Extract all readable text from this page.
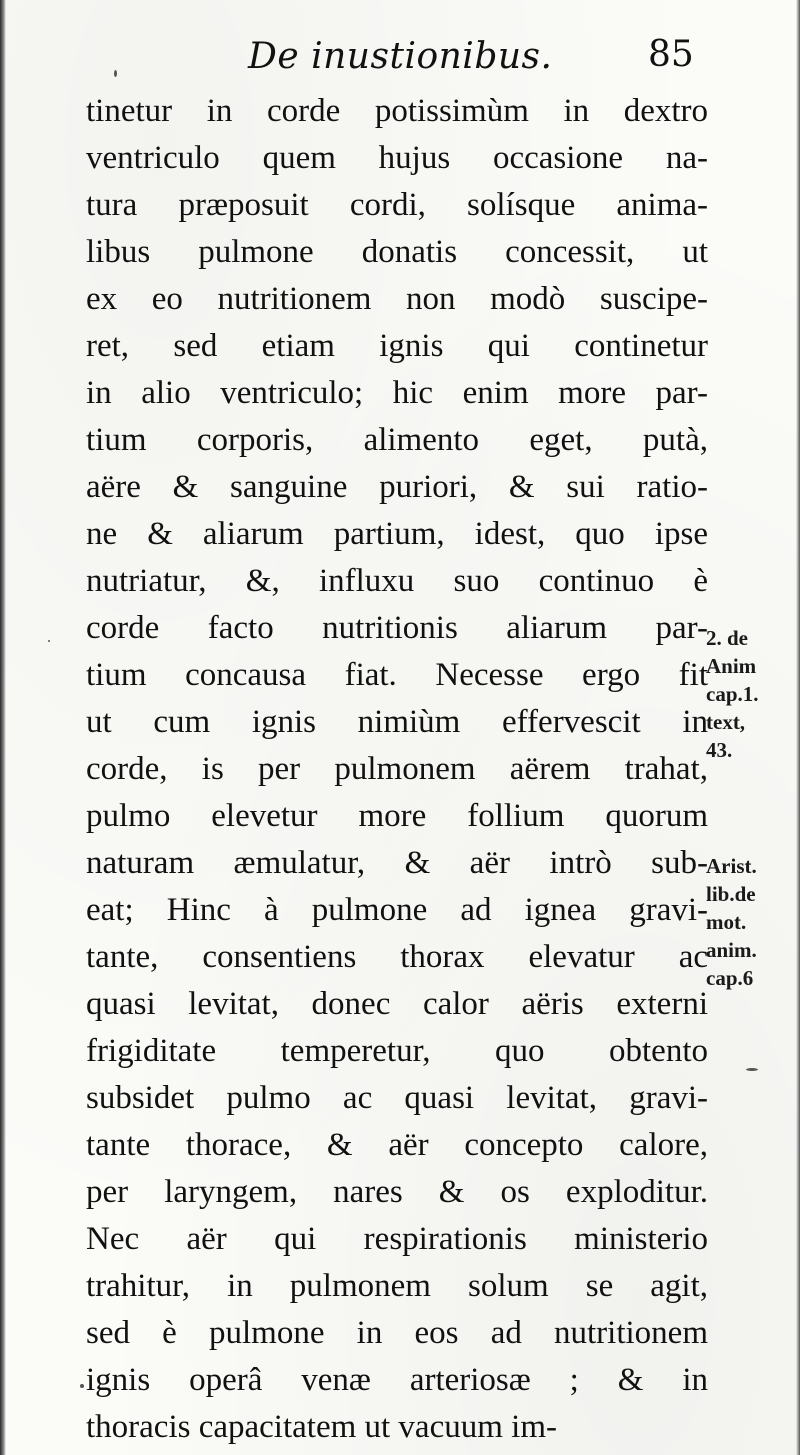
De inustionibus.	85
tinetur in corde potissimùm in dextro
ventriculo quem hujus occasione na-
tura præposuit cordi, solísque anima-
libus pulmone donatis concessit, ut
ex eo nutritionem non modò suscipe-
ret, sed etiam ignis qui continetur
in alio ventriculo; hic enim more par-
tium corporis, alimento eget, putà,
aëre & sanguine puriori, & sui ratio-
ne & aliarum partium, idest, quo ipse
nutriatur, &, influxu suo continuo è
corde facto nutritionis aliarum par-
tium concausa fiat. Necesse ergo fit
ut cum ignis nimiùm effervescit in
corde, is per pulmonem aërem trahat,
pulmo elevetur more follium quorum
naturam æmulatur, & aër intrò sub-
eat; Hinc à pulmone ad ignea gravi-
tante, consentiens thorax elevatur ac
quasi levitat, donec calor aëris externi
frigiditate temperetur, quo obtento
subsidet pulmo ac quasi levitat, gravi-
tante thorace, & aër concepto calore,
per laryngem, nares & os exploditur.
Nec aër qui respirationis ministerio
trahitur, in pulmonem solum se agit,
sed è pulmone in eos ad nutritionem
ignis operâ venæ arteriosæ ; & in
thoracis capacitatem ut vacuum im-
2. de
Anim
cap.1.
text,
43.
Arist.
lib.de
mot.
anim.
cap.6
